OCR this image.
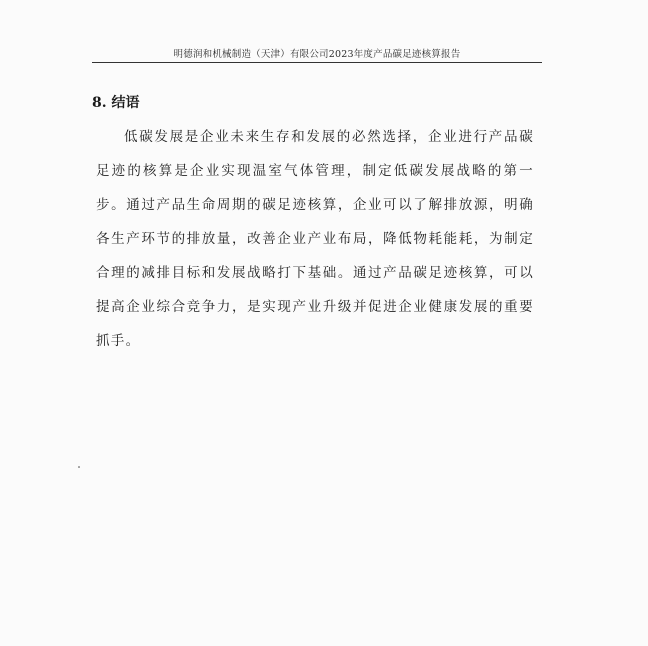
明德润和机械制造（天津）有限公司2023年度产品碳足迹核算报告
8. 结语

低碳发展是企业未来生存和发展的必然选择，企业进行产品碳足迹的核算是企业实现温室气体管理，制定低碳发展战略的第一步。通过产品生命周期的碳足迹核算，企业可以了解排放源，明确各生产环节的排放量，改善企业产业布局，降低物耗能耗，为制定合理的减排目标和发展战略打下基础。通过产品碳足迹核算，可以提高企业综合竞争力，是实现产业升级并促进企业健康发展的重要抓手。
